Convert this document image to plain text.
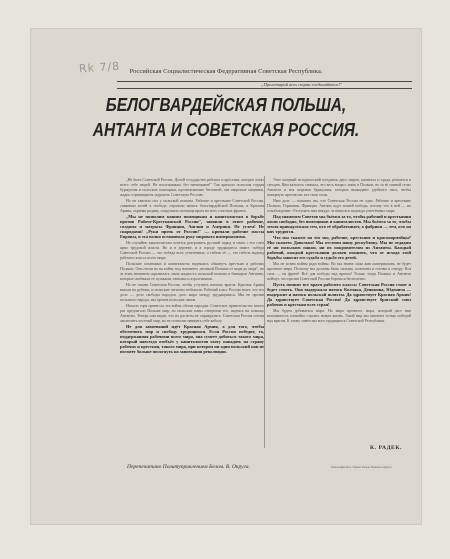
Rk 7/8	Российская Социалистическая Федеративная Советская Республика.
„Пролетарий всех стран соединяйтесь!"
БЕЛОГВАРДЕЙСКАЯ ПОЛЬША,
АНТАНТА И СОВЕТСКАЯ РОССИЯ.

„Не быть Советской России. Долой государство рабочих и крестьян, которое хотят всего себе людей. Не насильникам, без наемщиков!" Так кричала польская гордая буржуазия и польские помещики, вдохновляемые Антантой, эти свирепые хищники, жадно стремящиеся задушить Советскую Россию.

Но не хватило сил у польской шляхты. Рабочие и крестьяне Советской России, спаянные волей к свободе, отразили натиск белогвардейской Польши, и Красная Армия, охраняя родину, сокрушила полчища врага на всех участках фронта.

„Мы не позволим нашим помещикам и капиталистам в борьбе против Рабоче-Крестьянской России", заявили в ответ рабочие, солдаты и матросы Франции, Англии и Америки. Не углем! Не снарядами! „Руки прочь от России!" — кричали рабочие массы Европы, и эта волна остановила руку мирового империализма.

Не случайно капиталистам хочется разгромить русский народ и снять с его плеч ярмо трудовой власти. Но и в деревне, и в городе трудящиеся знают: победа Советской России — это победа всех угнетенных, а гибель её — это гибель надежд рабочего класса всего мира.

Польские помещики и капиталисты надеялись обмануть крестьян и рабочих Польши. Они гнали их на войну под знаменем „великой Польши от моря до моря", но за этим знаменем скрывалась лишь жадность польской шляхты и банкиров Антанты, которые снабжали её пушками, танками и аэропланами.

Но не такова Советская Россия, чтобы уступить натиску врагов. Красная Армия вышла на рубежи, и польские легионы побежали. Рабочий класс России знает, что его дело — дело свободы народов, дело мира между трудящимися. Мы не против польского народа, мы против польских панов.

Немало горя принесла эта война обоим народам. Советское правительство много раз предлагало Польше мир, но польские паны отвергали его, надеясь на помощь Антанты. Теперь они видят, что их расчеты не оправдались. Советская Россия готова заключить честный мир, но не позволит навязать себе кабалу.

Не для завоеваний идёт Красная Армия, а для того, чтобы обеспечить мир и свободу трудящимся. Если Россия победит, то, поддержанная рабочими всего мира, она сумеет добиться такого мира, который навсегда отобьёт у капиталистов охоту нападать на страну рабочих и крестьян, такого мира, при котором ни один польский пан не посмеет больше посягнуть на завоевания революции.

Этот мощный исторический поединок двух миров, капитала и труда, решается в сегодня. Нам казалось сначала, что весь вопрос лишь в Польше, но за её спиной стоят Антанта и вся мировая буржуазия, которые выжидают удобного часа, чтобы повернуть против нас все свои силы.

Наш долг — показать им, что Советская Россия не одна. Рабочие и крестьяне Польши, Германии, Франции, Англии ждут нашей победы, потому что в ней — их освобождение. Отступать нам некуда: за нами вся надежда угнетённых мира.

Под знаменем Советов мы бьёмся за то, чтобы рабочий и крестьянин жили свободно, без помещиков и капиталистов. Мы бьёмся за то, чтобы земля принадлежала тем, кто её обрабатывает, а фабрики — тем, кто на них трудится.

Что мы скажем на это мы, рабочие, крестьяне и красноармейцы? Мы скажем: Довольно! Мы отстоим нашу республику. Мы не отдадим её ни польским панам, ни их покровителям из Антанты. Каждый рабочий, каждый крестьянин должен помнить, что от исхода этой борьбы зависит его судьба и судьба его детей.

Мы не хотим войны ради войны. Но мы знаем: пока жив империализм, не будет прочного мира. Поэтому мы должны быть сильны, сплочены и готовы к отпору. Вся сила — на фронт! Всё для победы над врагом! Только тогда Польша и Антанта поймут, что против Советской России бороться бесполезно.

Пусть помнят все враги рабочего класса: Советская Россия стоит и будет стоять. Она выдержала натиск Колчака, Деникина, Юденича — выдержит и натиск польской шляхты. Да здравствует Красная Армия! Да здравствует Советская Россия! Да здравствует братский союз рабочих и крестьян всех стран!

Мы будем добиваться мира. Но мира прочного, мира, который даст нам возможность спокойно строить новую жизнь. Такой мир мы завоюем только победой над врагом. К этому зовём мы всех трудящихся Советской Республики.

К. РАДЕК.
Перепечатано Политуправлением Белом. В. Округа.	Типография Пол. Управл. Белом. Военного Округа.
